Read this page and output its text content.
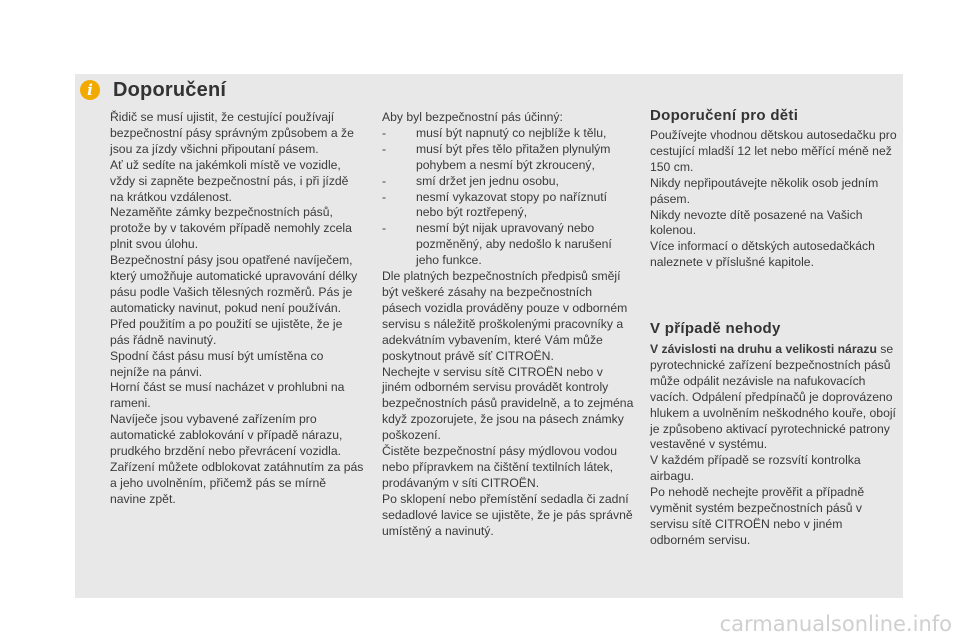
i	Doporučení

Řidič se musí ujistit, že cestující používají bezpečnostní pásy správným způsobem a že jsou za jízdy všichni připoutaní pásem.

Ať už sedíte na jakémkoli místě ve vozidle, vždy si zapněte bezpečnostní pás, i při jízdě na krátkou vzdálenost.

Nezaměňte zámky bezpečnostních pásů, protože by v takovém případě nemohly zcela plnit svou úlohu.

Bezpečnostní pásy jsou opatřené navíječem, který umožňuje automatické upravování délky pásu podle Vašich tělesných rozměrů. Pás je automaticky navinut, pokud není používán.

Před použitím a po použití se ujistěte, že je pás řádně navinutý.

Spodní část pásu musí být umístěna co nejníže na pánvi.

Horní část se musí nacházet v prohlubni na rameni.

Navíječe jsou vybavené zařízením pro automatické zablokování v případě nárazu, prudkého brzdění nebo převrácení vozidla. Zařízení můžete odblokovat zatáhnutím za pás a jeho uvolněním, přičemž pás se mírně navine zpět.

Aby byl bezpečnostní pás účinný:

- musí být napnutý co nejblíže k tělu,

- musí být přes tělo přitažen plynulým pohybem a nesmí být zkroucený,

- smí držet jen jednu osobu,

- nesmí vykazovat stopy po naříznutí nebo být roztřepený,

- nesmí být nijak upravovaný nebo pozměněný, aby nedošlo k narušení jeho funkce.

Dle platných bezpečnostních předpisů smějí být veškeré zásahy na bezpečnostních pásech vozidla prováděny pouze v odborném servisu s náležitě proškolenými pracovníky a adekvátním vybavením, které Vám může poskytnout právě síť CITROËN.

Nechejte v servisu sítě CITROËN nebo v jiném odborném servisu provádět kontroly bezpečnostních pásů pravidelně, a to zejména když zpozorujete, že jsou na pásech známky poškození.

Čistěte bezpečnostní pásy mýdlovou vodou nebo přípravkem na čištění textilních látek, prodávaným v síti CITROËN.

Po sklopení nebo přemístění sedadla či zadní sedadlové lavice se ujistěte, že je pás správně umístěný a navinutý.

Doporučení pro děti

Používejte vhodnou dětskou autosedačku pro cestující mladší 12 let nebo měřící méně než 150 cm.

Nikdy nepřipoutávejte několik osob jedním pásem.

Nikdy nevozte dítě posazené na Vašich kolenou.

Více informací o dětských autosedačkách naleznete v příslušné kapitole.

V případě nehody

V závislosti na druhu a velikosti nárazu se pyrotechnické zařízení bezpečnostních pásů může odpálit nezávisle na nafukovacích vacích. Odpálení předpínačů je doprovázeno hlukem a uvolněním neškodného kouře, obojí je způsobeno aktivací pyrotechnické patrony vestavěné v systému.

V každém případě se rozsvítí kontrolka airbagu.

Po nehodě nechejte prověřit a případně vyměnit systém bezpečnostních pásů v servisu sítě CITROËN nebo v jiném odborném servisu.

carmanualsonline.info
